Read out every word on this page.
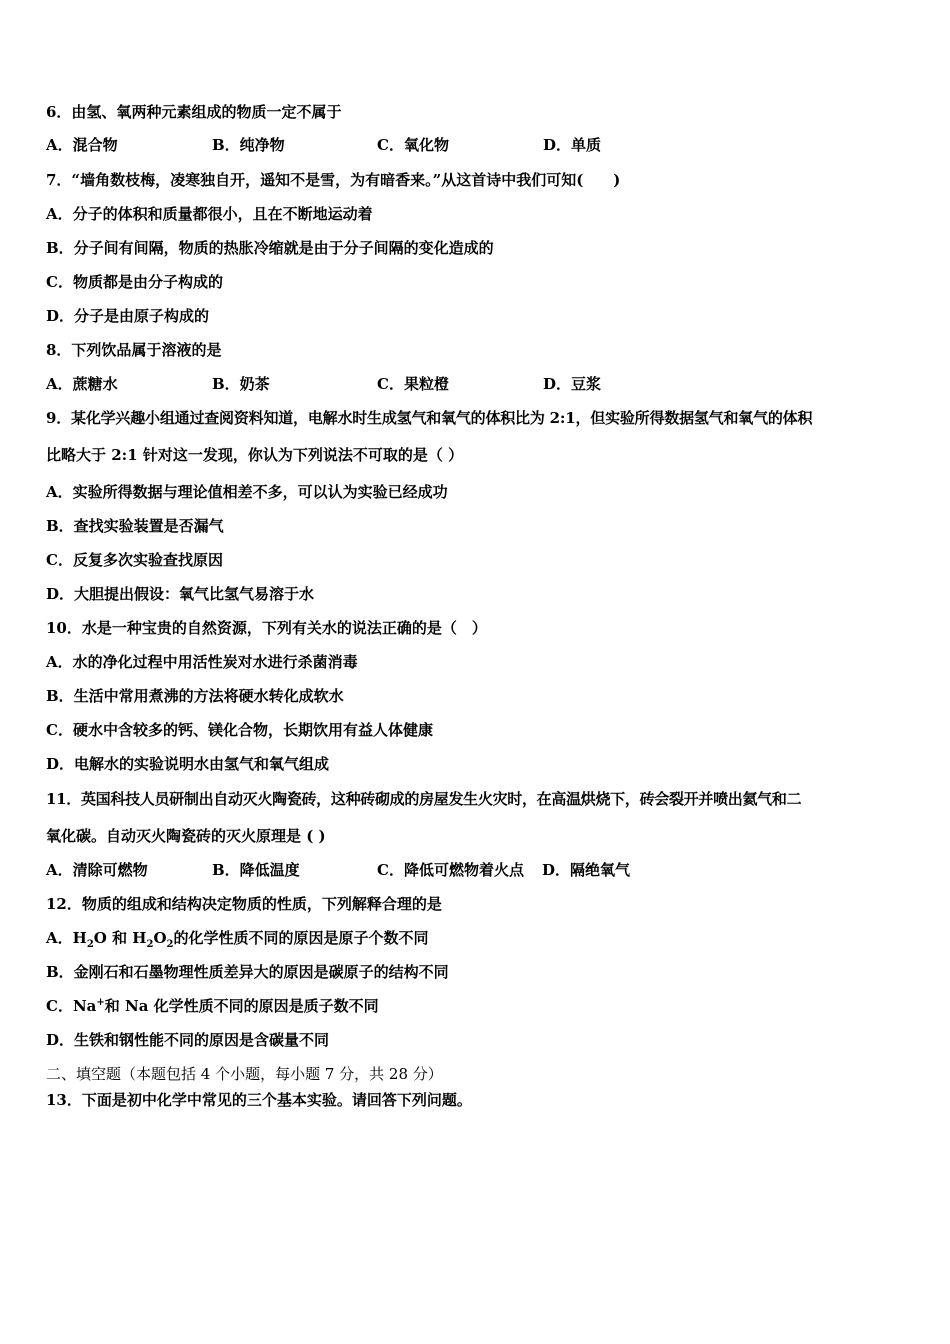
6．由氢、氧两种元素组成的物质一定不属于
A．混合物	B．纯净物	C．氧化物	D．单质
7．“墙角数枝梅，凌寒独自开，遥知不是雪，为有暗香来。”从这首诗中我们可知(　　)
A．分子的体积和质量都很小，且在不断地运动着
B．分子间有间隔，物质的热胀冷缩就是由于分子间隔的变化造成的
C．物质都是由分子构成的
D．分子是由原子构成的
8．下列饮品属于溶液的是
A．蔗糖水	B．奶茶	C．果粒橙	D．豆浆
9．某化学兴趣小组通过查阅资料知道，电解水时生成氢气和氧气的体积比为 2:1，但实验所得数据氢气和氧气的体积
比略大于 2:1 针对这一发现，你认为下列说法不可取的是（ ）
A．实验所得数据与理论值相差不多，可以认为实验已经成功
B．查找实验装置是否漏气
C．反复多次实验查找原因
D．大胆提出假设：氧气比氢气易溶于水
10．水是一种宝贵的自然资源，下列有关水的说法正确的是（　）
A．水的净化过程中用活性炭对水进行杀菌消毒
B．生活中常用煮沸的方法将硬水转化成软水
C．硬水中含较多的钙、镁化合物，长期饮用有益人体健康
D．电解水的实验说明水由氢气和氧气组成
11．英国科技人员研制出自动灭火陶瓷砖，这种砖砌成的房屋发生火灾时，在高温烘烧下，砖会裂开并喷出氦气和二
氧化碳。自动灭火陶瓷砖的灭火原理是 ( )
A．清除可燃物	B．降低温度	C．降低可燃物着火点 D．隔绝氧气
12．物质的组成和结构决定物质的性质，下列解释合理的是
A．$H_2O$ 和 $H_2O_2$的化学性质不同的原因是原子个数不同
B．金刚石和石墨物理性质差异大的原因是碳原子的结构不同
C．Na+和 Na 化学性质不同的原因是质子数不同
D．生铁和钢性能不同的原因是含碳量不同
二、填空题（本题包括 4 个小题，每小题 7 分，共 28 分）
13．下面是初中化学中常见的三个基本实验。请回答下列问题。
